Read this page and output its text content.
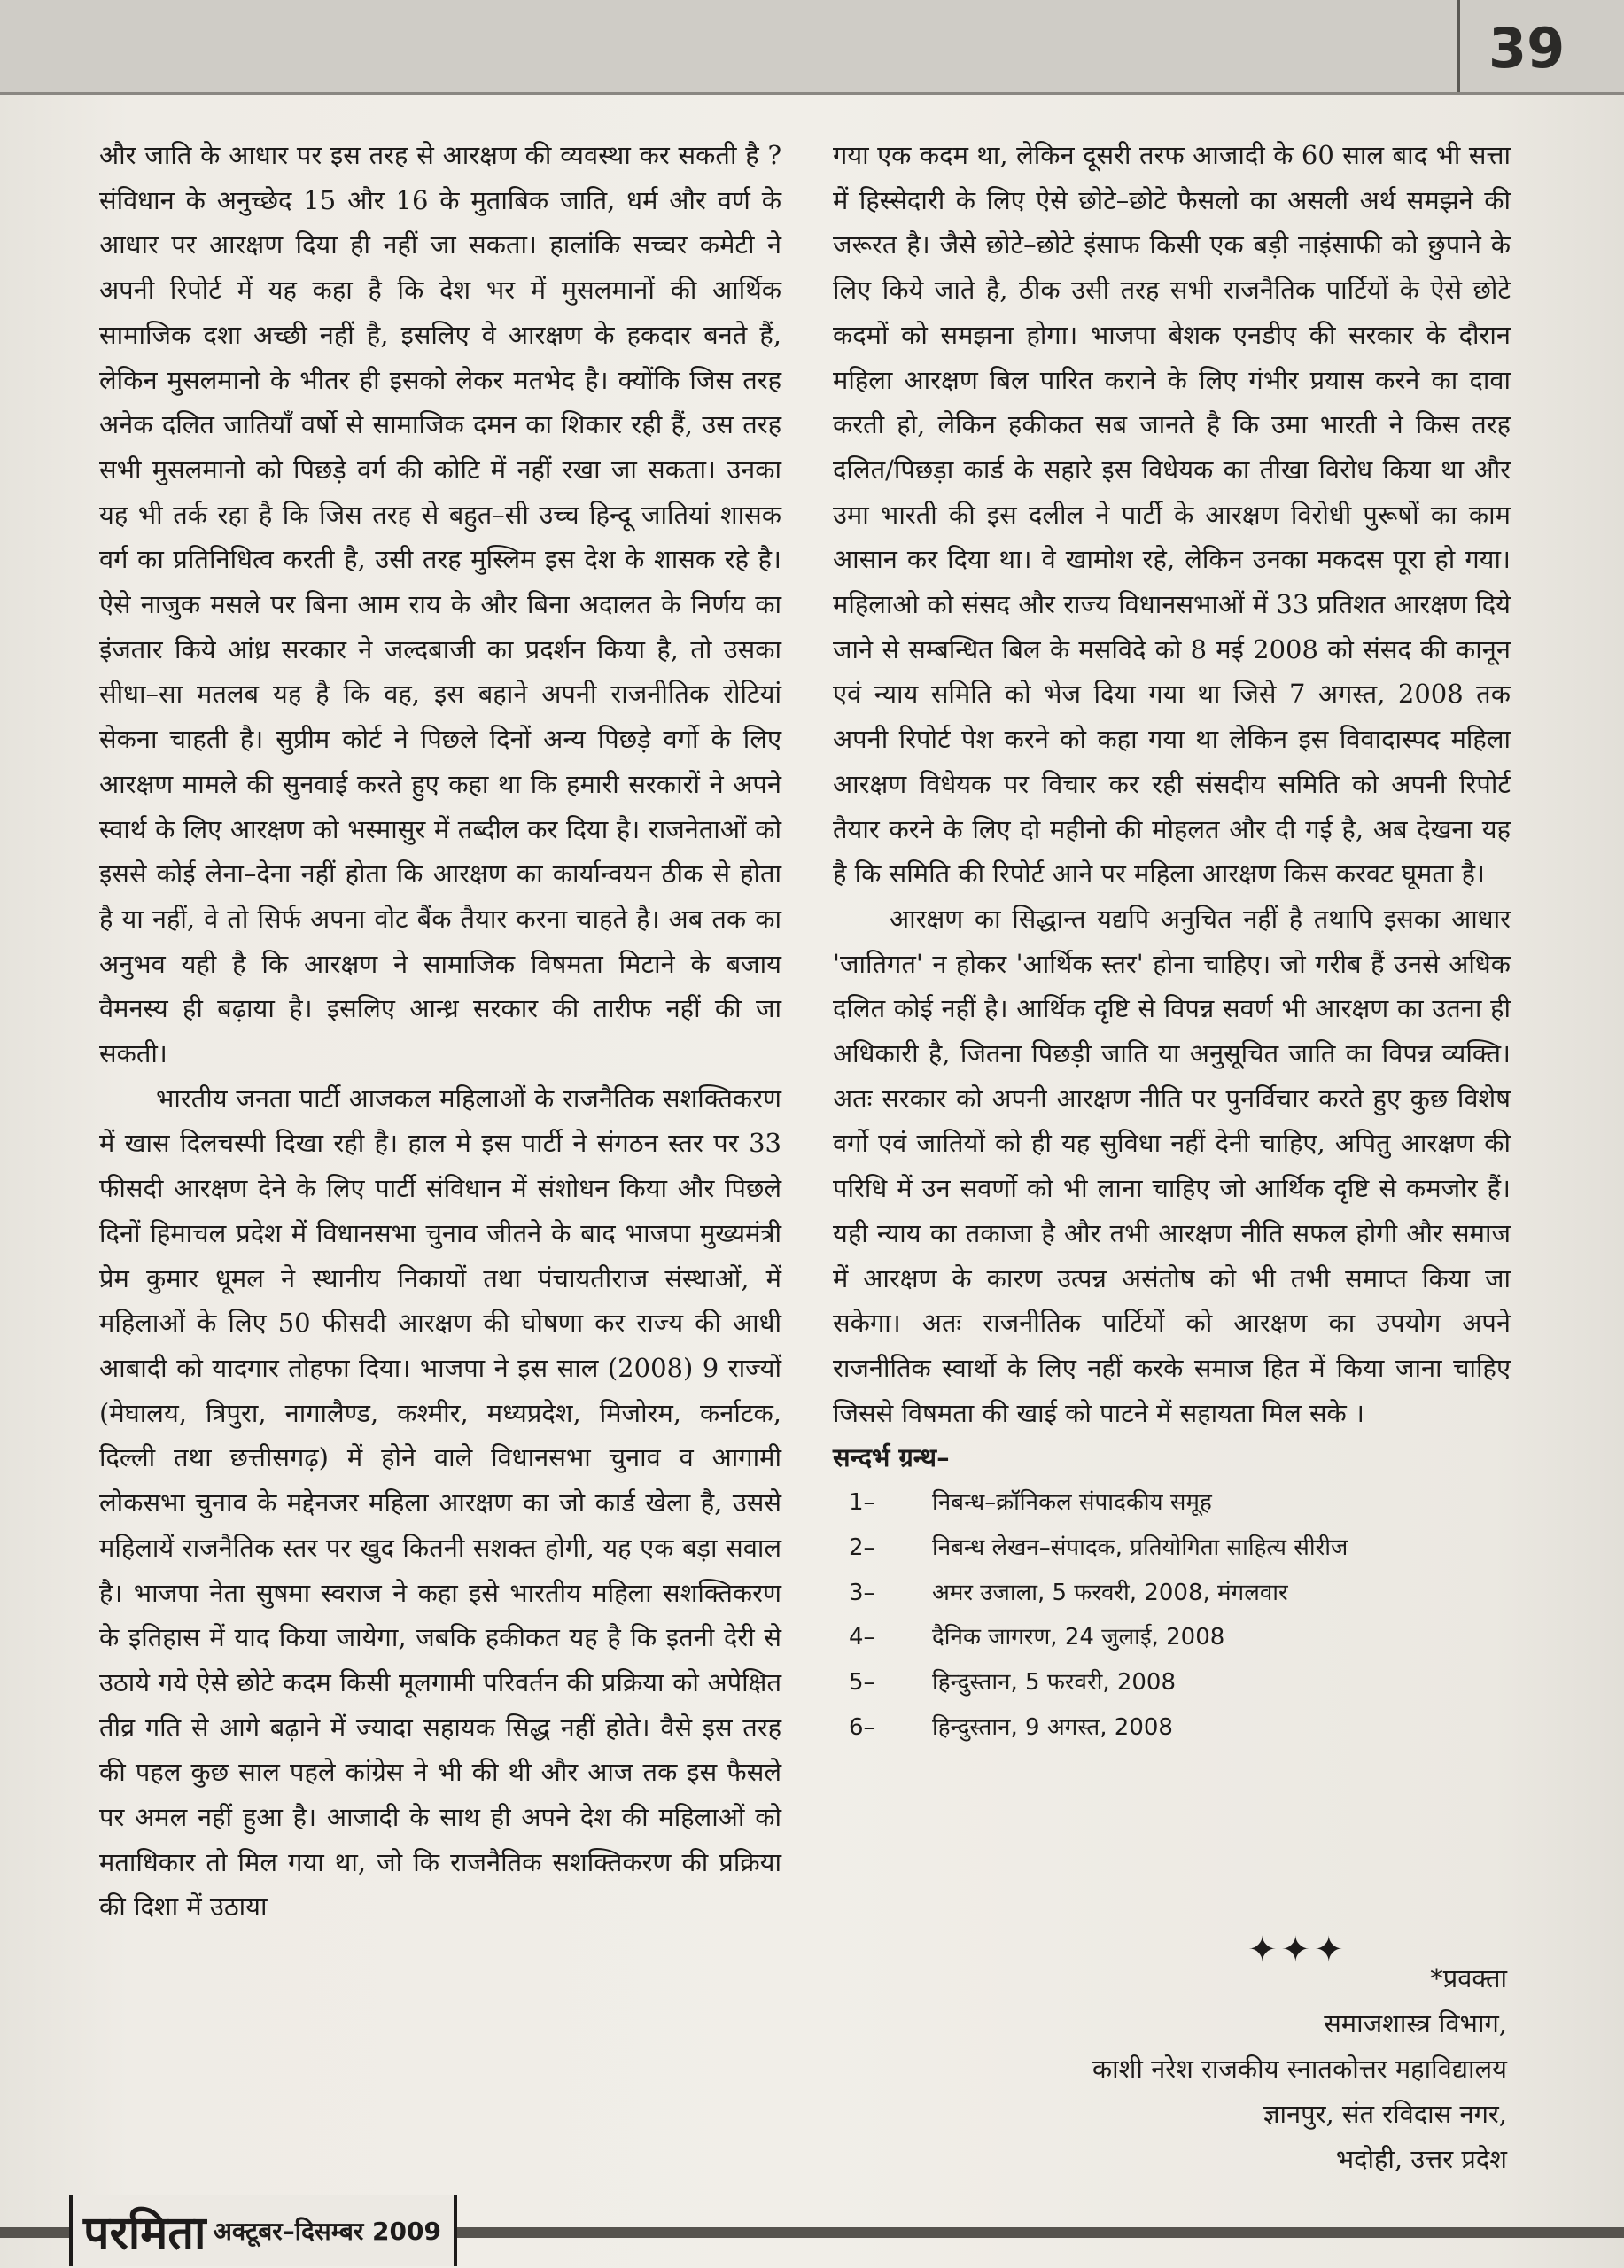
39

और जाति के आधार पर इस तरह से आरक्षण की व्यवस्था कर सकती है ?संविधान के अनुच्छेद 15 और 16 के मुताबिक जाति, धर्म और वर्ण के आधार पर आरक्षण दिया ही नहीं जा सकता। हालांकि सच्चर कमेटी ने अपनी रिपोर्ट में यह कहा है कि देश भर में मुसलमानों की आर्थिक सामाजिक दशा अच्छी नहीं है, इसलिए वे आरक्षण के हकदार बनते हैं, लेकिन मुसलमानो के भीतर ही इसको लेकर मतभेद है। क्योंकि जिस तरह अनेक दलित जातियाँ वर्षो से सामाजिक दमन का शिकार रही हैं, उस तरह सभी मुसलमानो को पिछड़े वर्ग की कोटि में नहीं रखा जा सकता। उनका यह भी तर्क रहा है कि जिस तरह से बहुत–सी उच्च हिन्दू जातियां शासक वर्ग का प्रतिनिधित्व करती है, उसी तरह मुस्लिम इस देश के शासक रहे है। ऐसे नाजुक मसले पर बिना आम राय के और बिना अदालत के निर्णय का इंजतार किये आंध्र सरकार ने जल्दबाजी का प्रदर्शन किया है, तो उसका सीधा–सा मतलब यह है कि वह, इस बहाने अपनी राजनीतिक रोटियां सेकना चाहती है। सुप्रीम कोर्ट ने पिछले दिनों अन्य पिछड़े वर्गो के लिए आरक्षण मामले की सुनवाई करते हुए कहा था कि हमारी सरकारों ने अपने स्वार्थ के लिए आरक्षण को भस्मासुर में तब्दील कर दिया है। राजनेताओं को इससे कोई लेना–देना नहीं होता कि आरक्षण का कार्यान्वयन ठीक से होता है या नहीं, वे तो सिर्फ अपना वोट बैंक तैयार करना चाहते है। अब तक का अनुभव यही है कि आरक्षण ने सामाजिक विषमता मिटाने के बजाय वैमनस्य ही बढ़ाया है। इसलिए आन्ध्र सरकार की तारीफ नहीं की जा सकती।

भारतीय जनता पार्टी आजकल महिलाओं के राजनैतिक सशक्तिकरण में खास दिलचस्पी दिखा रही है। हाल मे इस पार्टी ने संगठन स्तर पर 33 फीसदी आरक्षण देने के लिए पार्टी संविधान में संशोधन किया और पिछले दिनों हिमाचल प्रदेश में विधानसभा चुनाव जीतने के बाद भाजपा मुख्यमंत्री प्रेम कुमार धूमल ने स्थानीय निकायों तथा पंचायतीराज संस्थाओं, में महिलाओं के लिए 50 फीसदी आरक्षण की घोषणा कर राज्य की आधी आबादी को यादगार तोहफा दिया। भाजपा ने इस साल (2008) 9 राज्यों (मेघालय, त्रिपुरा, नागालैण्ड, कश्मीर, मध्यप्रदेश, मिजोरम, कर्नाटक, दिल्ली तथा छत्तीसगढ़) में होने वाले विधानसभा चुनाव व आगामी लोकसभा चुनाव के मद्देनजर महिला आरक्षण का जो कार्ड खेला है, उससे महिलायें राजनैतिक स्तर पर खुद कितनी सशक्त होगी, यह एक बड़ा सवाल है। भाजपा नेता सुषमा स्वराज ने कहा इसे भारतीय महिला सशक्तिकरण के इतिहास में याद किया जायेगा, जबकि हकीकत यह है कि इतनी देरी से उठाये गये ऐसे छोटे कदम किसी मूलगामी परिवर्तन की प्रक्रिया को अपेक्षित तीव्र गति से आगे बढ़ाने में ज्यादा सहायक सिद्ध नहीं होते। वैसे इस तरह की पहल कुछ साल पहले कांग्रेस ने भी की थी और आज तक इस फैसले पर अमल नहीं हुआ है। आजादी के साथ ही अपने देश की महिलाओं को मताधिकार तो मिल गया था, जो कि राजनैतिक सशक्तिकरण की प्रक्रिया की दिशा में उठाया

गया एक कदम था, लेकिन दूसरी तरफ आजादी के 60 साल बाद भी सत्ता में हिस्सेदारी के लिए ऐसे छोटे–छोटे फैसलो का असली अर्थ समझने की जरूरत है। जैसे छोटे–छोटे इंसाफ किसी एक बड़ी नाइंसाफी को छुपाने के लिए किये जाते है, ठीक उसी तरह सभी राजनैतिक पार्टियों के ऐसे छोटे कदमों को समझना होगा। भाजपा बेशक एनडीए की सरकार के दौरान महिला आरक्षण बिल पारित कराने के लिए गंभीर प्रयास करने का दावा करती हो, लेकिन हकीकत सब जानते है कि उमा भारती ने किस तरह दलित/पिछड़ा कार्ड के सहारे इस विधेयक का तीखा विरोध किया था और उमा भारती की इस दलील ने पार्टी के आरक्षण विरोधी पुरूषों का काम आसान कर दिया था। वे खामोश रहे, लेकिन उनका मकदस पूरा हो गया। महिलाओ को संसद और राज्य विधानसभाओं में 33 प्रतिशत आरक्षण दिये जाने से सम्बन्धित बिल के मसविदे को 8 मई 2008 को संसद की कानून एवं न्याय समिति को भेज दिया गया था जिसे 7 अगस्त, 2008 तक अपनी रिपोर्ट पेश करने को कहा गया था लेकिन इस विवादास्पद महिला आरक्षण विधेयक पर विचार कर रही संसदीय समिति को अपनी रिपोर्ट तैयार करने के लिए दो महीनो की मोहलत और दी गई है, अब देखना यह है कि समिति की रिपोर्ट आने पर महिला आरक्षण किस करवट घूमता है।

आरक्षण का सिद्धान्त यद्यपि अनुचित नहीं है तथापि इसका आधार 'जातिगत' न होकर 'आर्थिक स्तर' होना चाहिए। जो गरीब हैं उनसे अधिक दलित कोई नहीं है। आर्थिक दृष्टि से विपन्न सवर्ण भी आरक्षण का उतना ही अधिकारी है, जितना पिछड़ी जाति या अनुसूचित जाति का विपन्न व्यक्ति। अतः सरकार को अपनी आरक्षण नीति पर पुनर्विचार करते हुए कुछ विशेष वर्गो एवं जातियों को ही यह सुविधा नहीं देनी चाहिए, अपितु आरक्षण की परिधि में उन सवर्णो को भी लाना चाहिए जो आर्थिक दृष्टि से कमजोर हैं। यही न्याय का तकाजा है और तभी आरक्षण नीति सफल होगी और समाज में आरक्षण के कारण उत्पन्न असंतोष को भी तभी समाप्त किया जा सकेगा। अतः राजनीतिक पार्टियों को आरक्षण का उपयोग अपने राजनीतिक स्वार्थो के लिए नहीं करके समाज हित में किया जाना चाहिए जिससे विषमता की खाई को पाटने में सहायता मिल सके ।

सन्दर्भ ग्रन्थ–

1–	निबन्ध–क्रॉनिकल संपादकीय समूह
2–	निबन्ध लेखन–संपादक, प्रतियोगिता साहित्य सीरीज
3–	अमर उजाला, 5 फरवरी, 2008, मंगलवार
4–	दैनिक जागरण, 24 जुलाई, 2008
5–	हिन्दुस्तान, 5 फरवरी, 2008
6–	हिन्दुस्तान, 9 अगस्त, 2008
✦✦✦
*प्रवक्ता
समाजशास्त्र विभाग,
काशी नरेश राजकीय स्नातकोत्तर महाविद्यालय
ज्ञानपुर, संत रविदास नगर,
भदोही, उत्तर प्रदेश
परमिता अक्टूबर–दिसम्बर 2009
